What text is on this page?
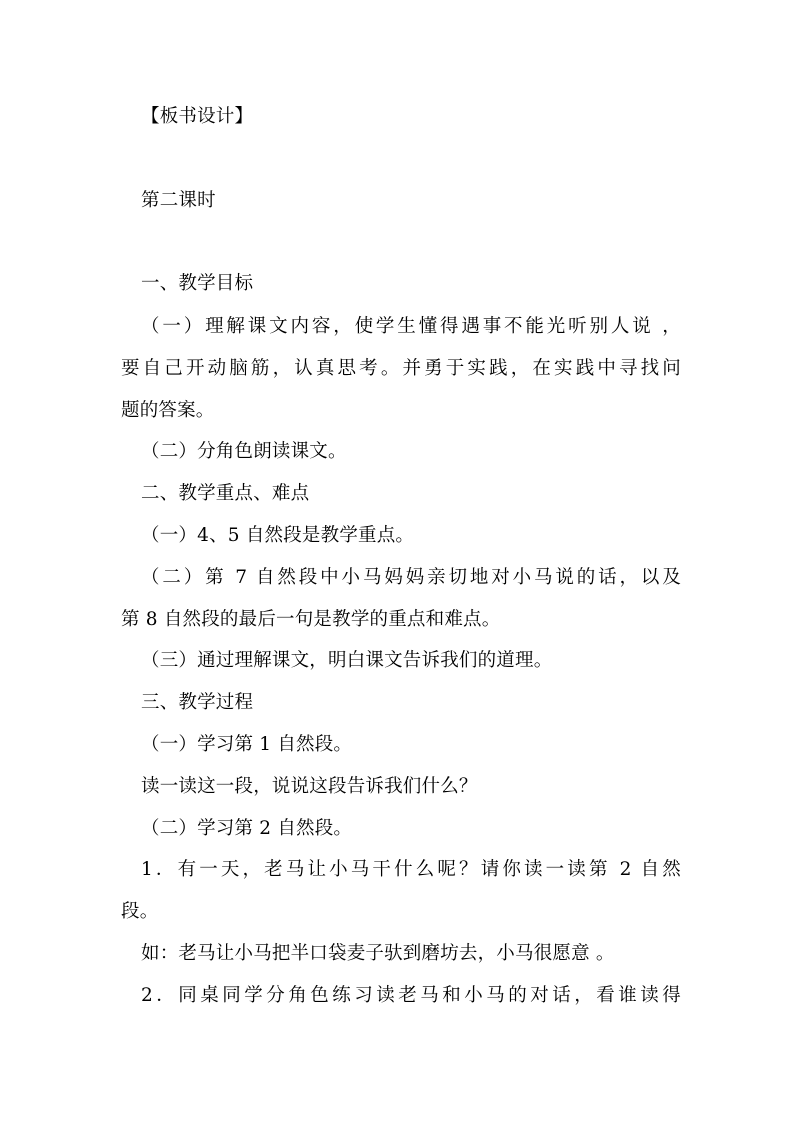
【板书设计】
第二课时
一、教学目标
（一）理解课文内容，使学生懂得遇事不能光听别人说 ，
要自己开动脑筋，认真思考。并勇于实践，在实践中寻找问
题的答案。
（二）分角色朗读课文。
二、教学重点、难点
（一）4、5 自然段是教学重点。
（二）第 7 自然段中小马妈妈亲切地对小马说的话，以及
第 8 自然段的最后一句是教学的重点和难点。
（三）通过理解课文，明白课文告诉我们的道理。
三、教学过程
（一）学习第 1 自然段。
读一读这一段，说说这段告诉我们什么？
（二）学习第 2 自然段。
1．有一天，老马让小马干什么呢？请你读一读第 2 自然
段。
如：老马让小马把半口袋麦子驮到磨坊去，小马很愿意 。
2．同桌同学分角色练习读老马和小马的对话，看谁读得
